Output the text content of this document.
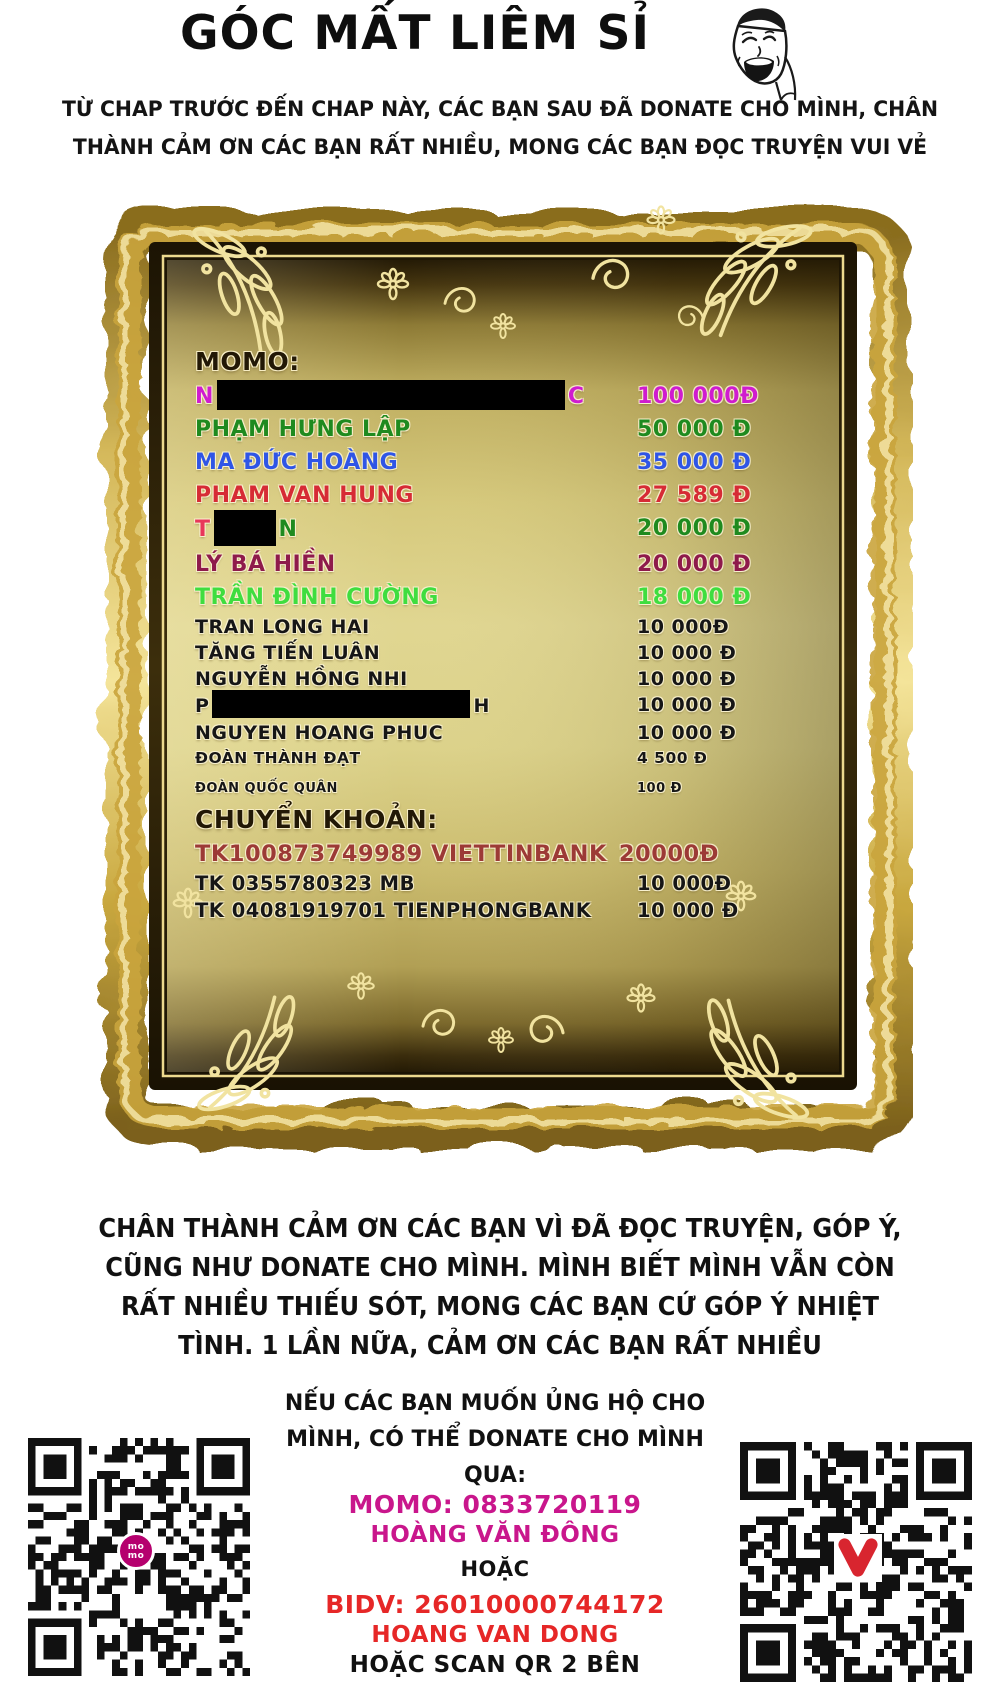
GÓC MẤT LIÊM SỈ
TỪ CHAP TRƯỚC ĐẾN CHAP NÀY, CÁC BẠN SAU ĐÃ DONATE CHO MÌNH, CHÂN
THÀNH CẢM ƠN CÁC BẠN RẤT NHIỀU, MONG CÁC BẠN ĐỌC TRUYỆN VUI VẺ
MOMO:
N	C 100 000Đ
PHẠM HƯNG LẬP	50 000 Đ
MA ĐỨC HOÀNG	35 000 Đ
PHAM VAN HUNG	27 589 Đ
T	N	20 000 Đ
LÝ BÁ HIỀN	20 000 Đ
TRẦN ĐÌNH CƯỜNG	18 000 Đ
TRAN LONG HAI	10 000Đ
TĂNG TIẾN LUÂN	10 000 Đ
NGUYỄN HỒNG NHI	10 000 Đ
P	H	10 000 Đ
NGUYEN HOANG PHUC	10 000 Đ
ĐOÀN THÀNH ĐẠT	4 500 Đ
ĐOÀN QUỐC QUÂN	100 Đ
CHUYỂN KHOẢN:
TK100873749989 VIETTINBANK 20000Đ
TK 0355780323 MB	10 000Đ
TK 04081919701 TIENPHONGBANK 10 000 Đ
CHÂN THÀNH CẢM ƠN CÁC BẠN VÌ ĐÃ ĐỌC TRUYỆN, GÓP Ý,
CŨNG NHƯ DONATE CHO MÌNH. MÌNH BIẾT MÌNH VẪN CÒN
RẤT NHIỀU THIẾU SÓT, MONG CÁC BẠN CỨ GÓP Ý NHIỆT
TÌNH. 1 LẦN NỮA, CẢM ƠN CÁC BẠN RẤT NHIỀU
NẾU CÁC BẠN MUỐN ỦNG HỘ CHO
MÌNH, CÓ THỂ DONATE CHO MÌNH QUA:
MOMO: 0833720119
HOÀNG VĂN ĐÔNG
HOẶC
BIDV: 26010000744172
HOANG VAN DONG
HOẶC SCAN QR 2 BÊN
mo
mo
